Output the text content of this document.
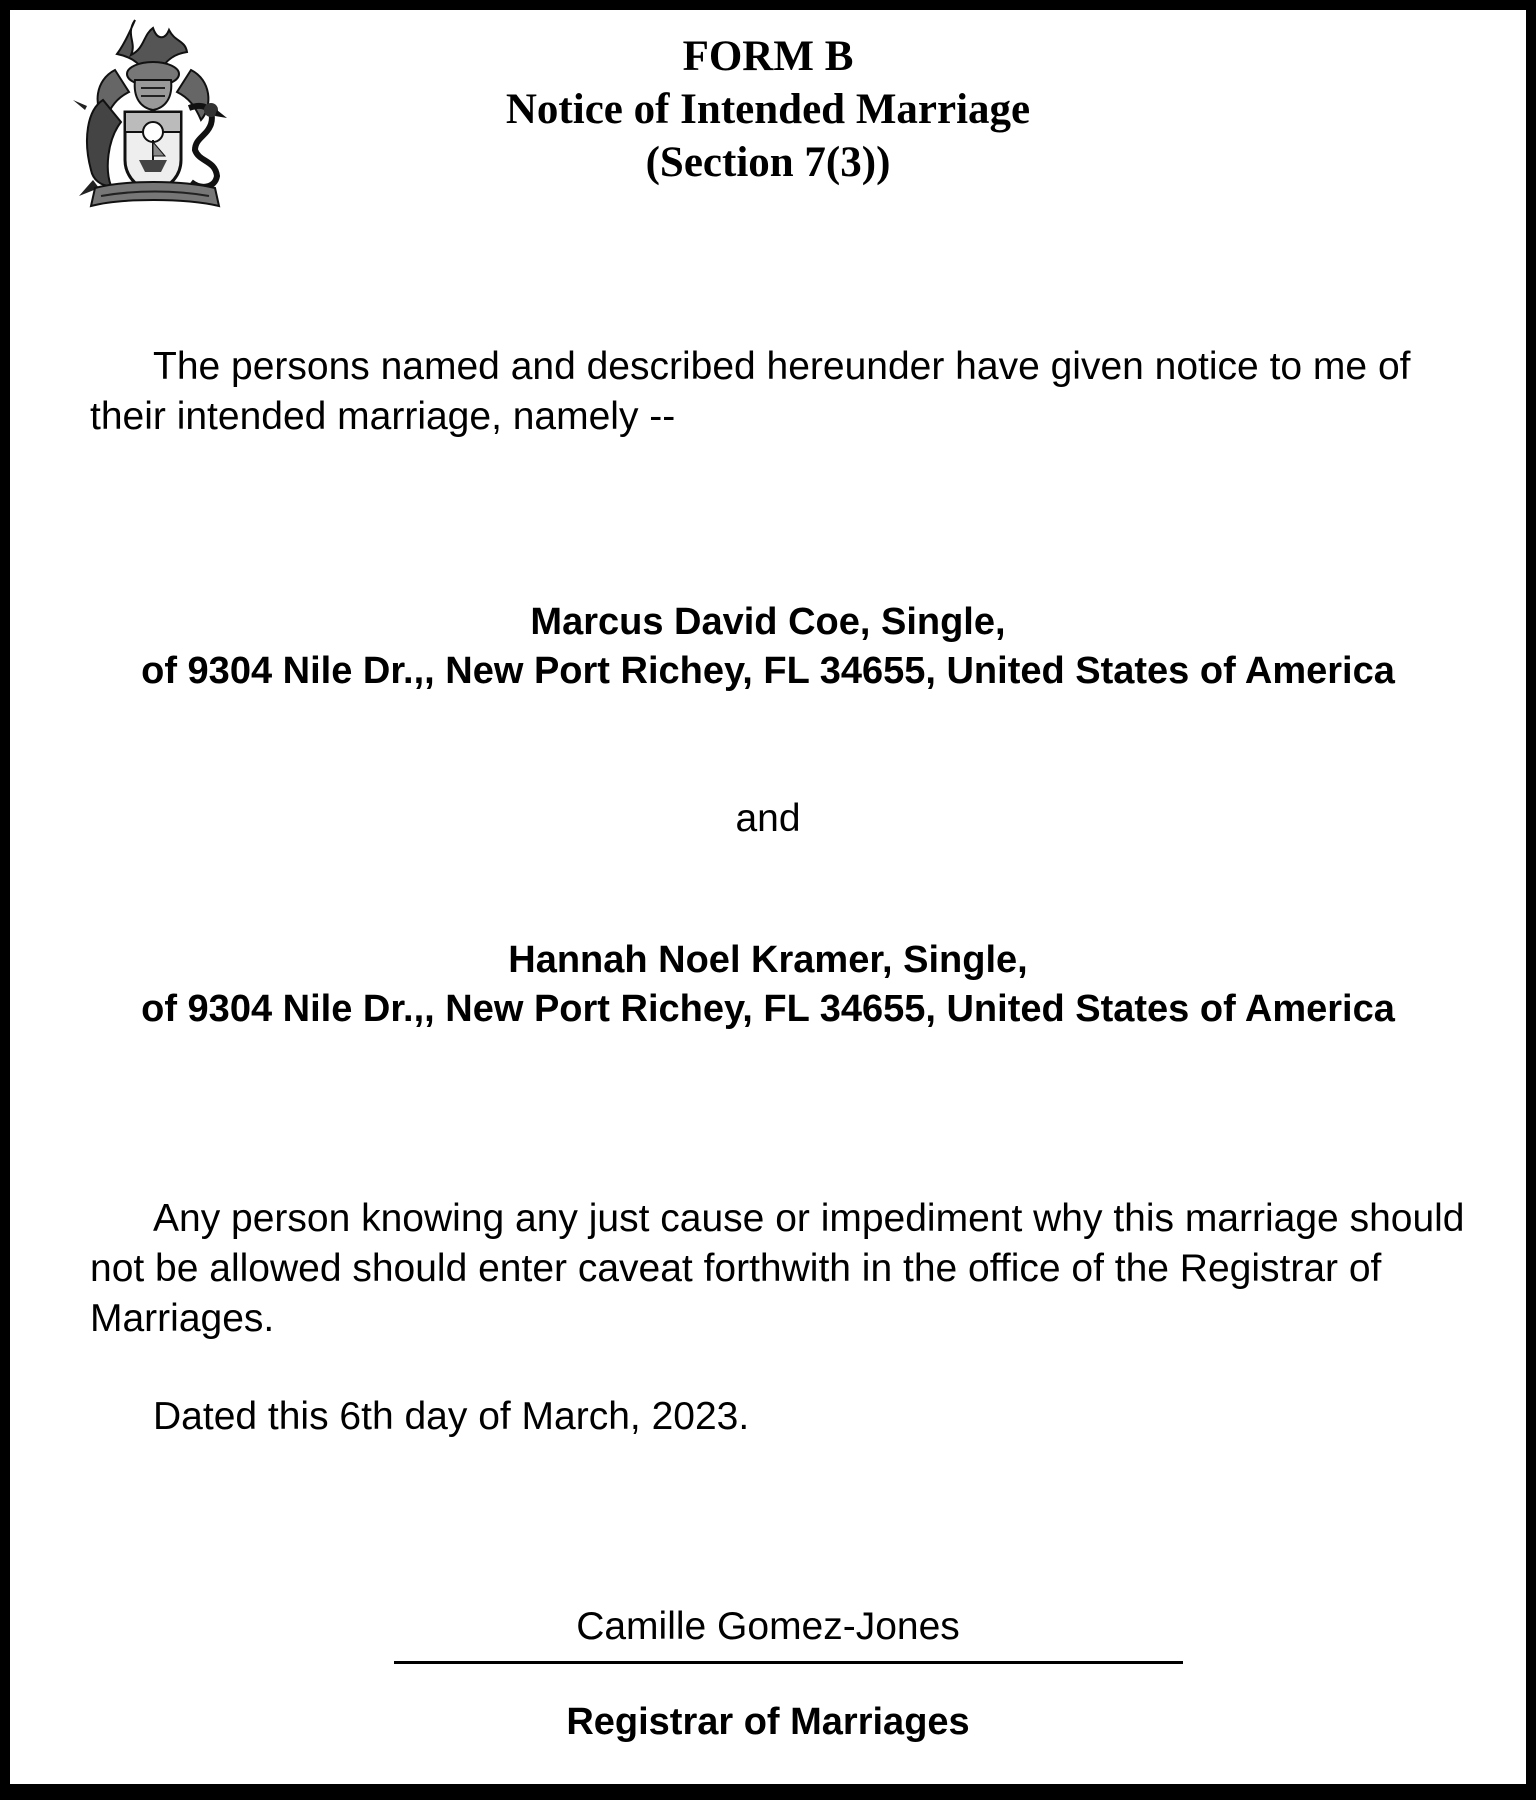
FORM B
Notice of Intended Marriage
(Section 7(3))
The persons named and described hereunder have given notice to me of their intended marriage, namely --
Marcus David Coe, Single,
of 9304 Nile Dr.,, New Port Richey, FL 34655, United States of America
and
Hannah Noel Kramer, Single,
of 9304 Nile Dr.,, New Port Richey, FL 34655, United States of America
Any person knowing any just cause or impediment why this marriage should not be allowed should enter caveat forthwith in the office of the Registrar of Marriages.
Dated this 6th day of March, 2023.
Camille Gomez-Jones
Registrar of Marriages
